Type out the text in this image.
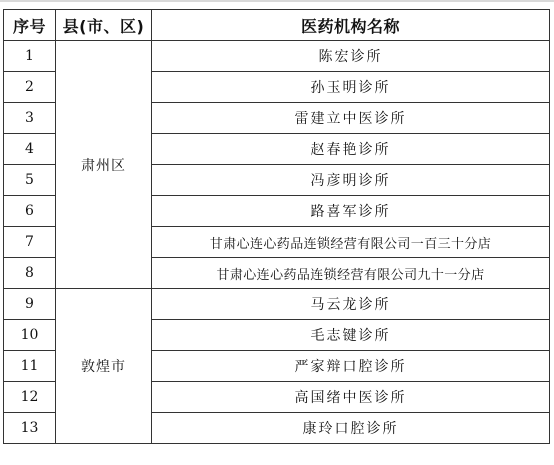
序号	县(市、区)	医药机构名称
1	肃州区	陈宏诊所
2		孙玉明诊所
3		雷建立中医诊所
4		赵春艳诊所
5		冯彦明诊所
6		路喜军诊所
7		甘肃心连心药品连锁经营有限公司一百三十分店
8		甘肃心连心药品连锁经营有限公司九十一分店
9	敦煌市	马云龙诊所
10		毛志键诊所
11		严家辩口腔诊所
12		高国绪中医诊所
13		康玲口腔诊所
